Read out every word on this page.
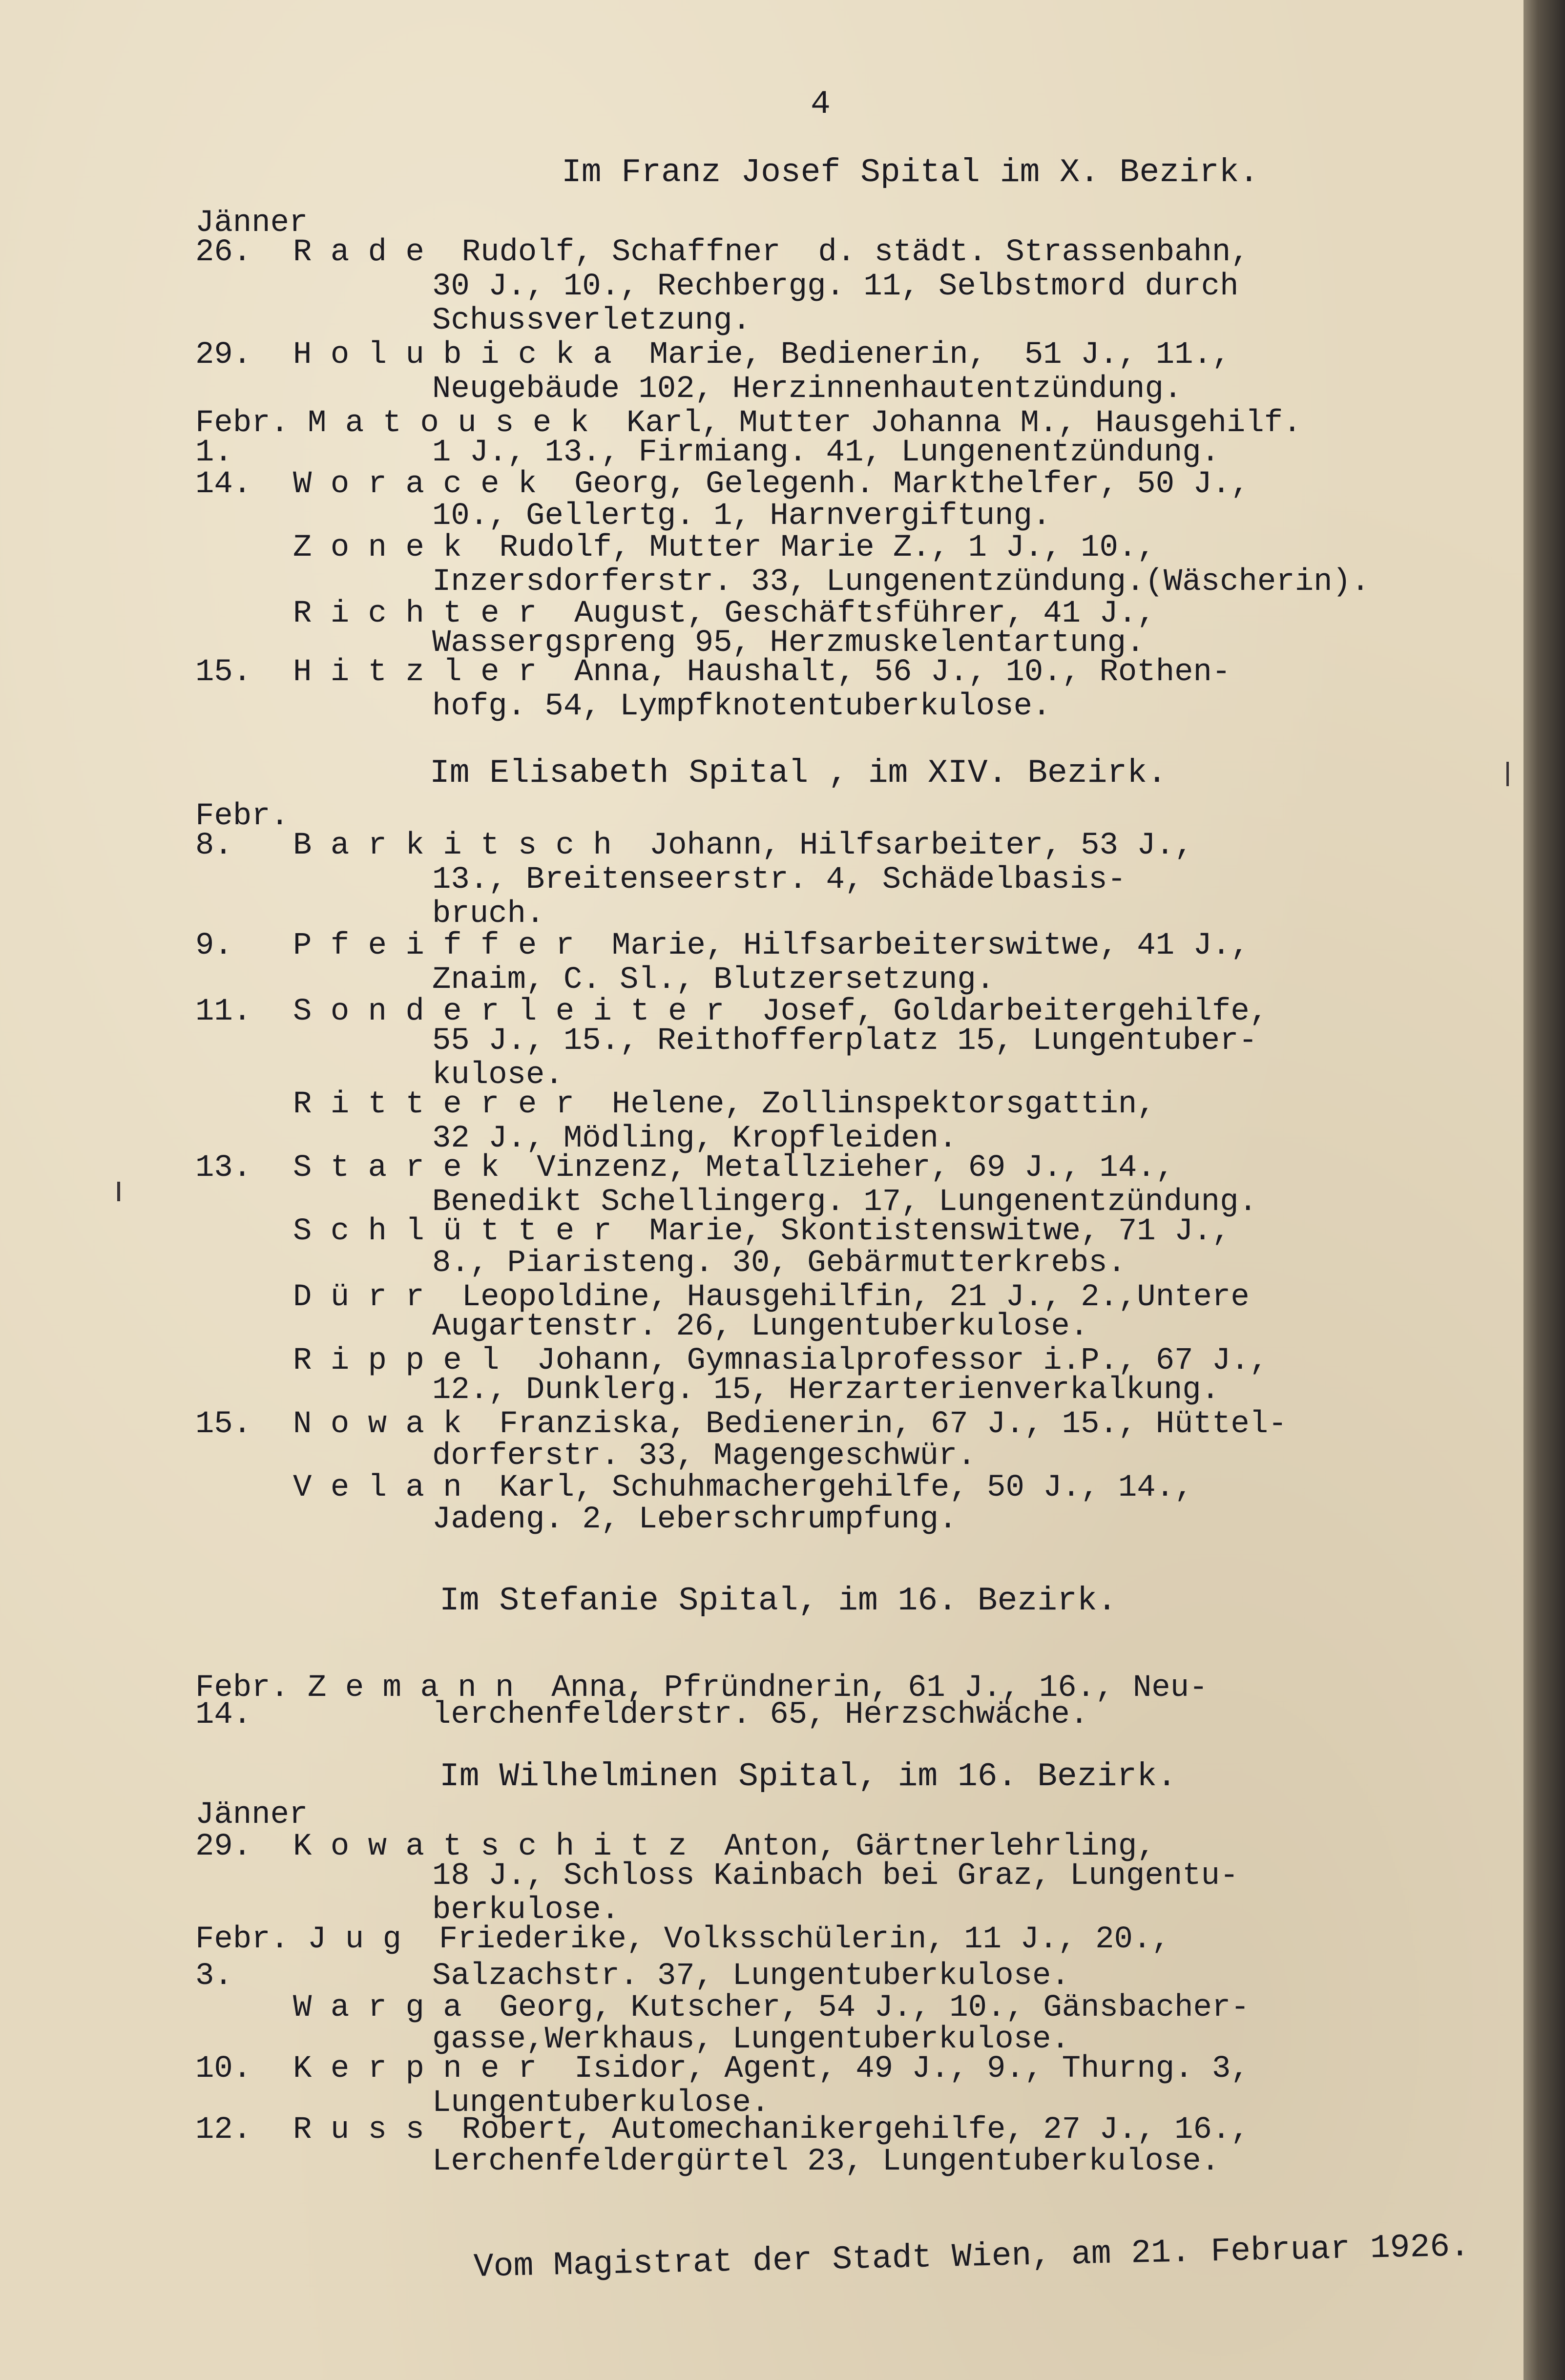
4
Im Franz Josef Spital im X. Bezirk.
Im Elisabeth Spital , im XIV. Bezirk.
Im Stefanie Spital, im 16. Bezirk.
Im Wilhelminen Spital, im 16. Bezirk.
Jänner
26. R a d e  Rudolf, Schaffner  d. städt. Strassenbahn,
30 J., 10., Rechbergg. 11, Selbstmord durch
Schussverletzung.
29. H o l u b i c k a  Marie, Bedienerin,  51 J., 11.,
Neugebäude 102, Herzinnenhautentzündung.
Febr. M a t o u s e k  Karl, Mutter Johanna M., Hausgehilf.
1.	1 J., 13., Firmiang. 41, Lungenentzündung.
14. W o r a c e k  Georg, Gelegenh. Markthelfer, 50 J.,
10., Gellertg. 1, Harnvergiftung.
Z o n e k  Rudolf, Mutter Marie Z., 1 J., 10.,
Inzersdorferstr. 33, Lungenentzündung.(Wäscherin).
R i c h t e r  August, Geschäftsführer, 41 J.,
Wassergspreng 95, Herzmuskelentartung.
15. H i t z l e r  Anna, Haushalt, 56 J., 10., Rothen-
hofg. 54, Lympfknotentuberkulose.
Febr.
8. B a r k i t s c h  Johann, Hilfsarbeiter, 53 J.,
13., Breitenseerstr. 4, Schädelbasis-
bruch.
9. P f e i f f e r  Marie, Hilfsarbeiterswitwe, 41 J.,
Znaim, C. Sl., Blutzersetzung.
11. S o n d e r l e i t e r  Josef, Goldarbeitergehilfe,
55 J., 15., Reithofferplatz 15, Lungentuber-
kulose.
R i t t e r e r  Helene, Zollinspektorsgattin,
32 J., Mödling, Kropfleiden.
13. S t a r e k  Vinzenz, Metallzieher, 69 J., 14.,
Benedikt Schellingerg. 17, Lungenentzündung.
S c h l ü t t e r  Marie, Skontistenswitwe, 71 J.,
8., Piaristeng. 30, Gebärmutterkrebs.
D ü r r  Leopoldine, Hausgehilfin, 21 J., 2.,Untere
Augartenstr. 26, Lungentuberkulose.
R i p p e l  Johann, Gymnasialprofessor i.P., 67 J.,
12., Dunklerg. 15, Herzarterienverkalkung.
15. N o w a k  Franziska, Bedienerin, 67 J., 15., Hüttel-
dorferstr. 33, Magengeschwür.
V e l a n  Karl, Schuhmachergehilfe, 50 J., 14.,
Jadeng. 2, Leberschrumpfung.
Febr. Z e m a n n  Anna, Pfründnerin, 61 J., 16., Neu-
14.	lerchenfelderstr. 65, Herzschwäche.
Jänner
29. K o w a t s c h i t z  Anton, Gärtnerlehrling,
18 J., Schloss Kainbach bei Graz, Lungentu-
berkulose.
Febr. J u g  Friederike, Volksschülerin, 11 J., 20.,
3.	Salzachstr. 37, Lungentuberkulose.
W a r g a  Georg, Kutscher, 54 J., 10., Gänsbacher-
gasse,Werkhaus, Lungentuberkulose.
10. K e r p n e r  Isidor, Agent, 49 J., 9., Thurng. 3,
Lungentuberkulose.
12. R u s s  Robert, Automechanikergehilfe, 27 J., 16.,
Lerchenfeldergürtel 23, Lungentuberkulose.
Vom Magistrat der Stadt Wien, am 21. Februar 1926.
